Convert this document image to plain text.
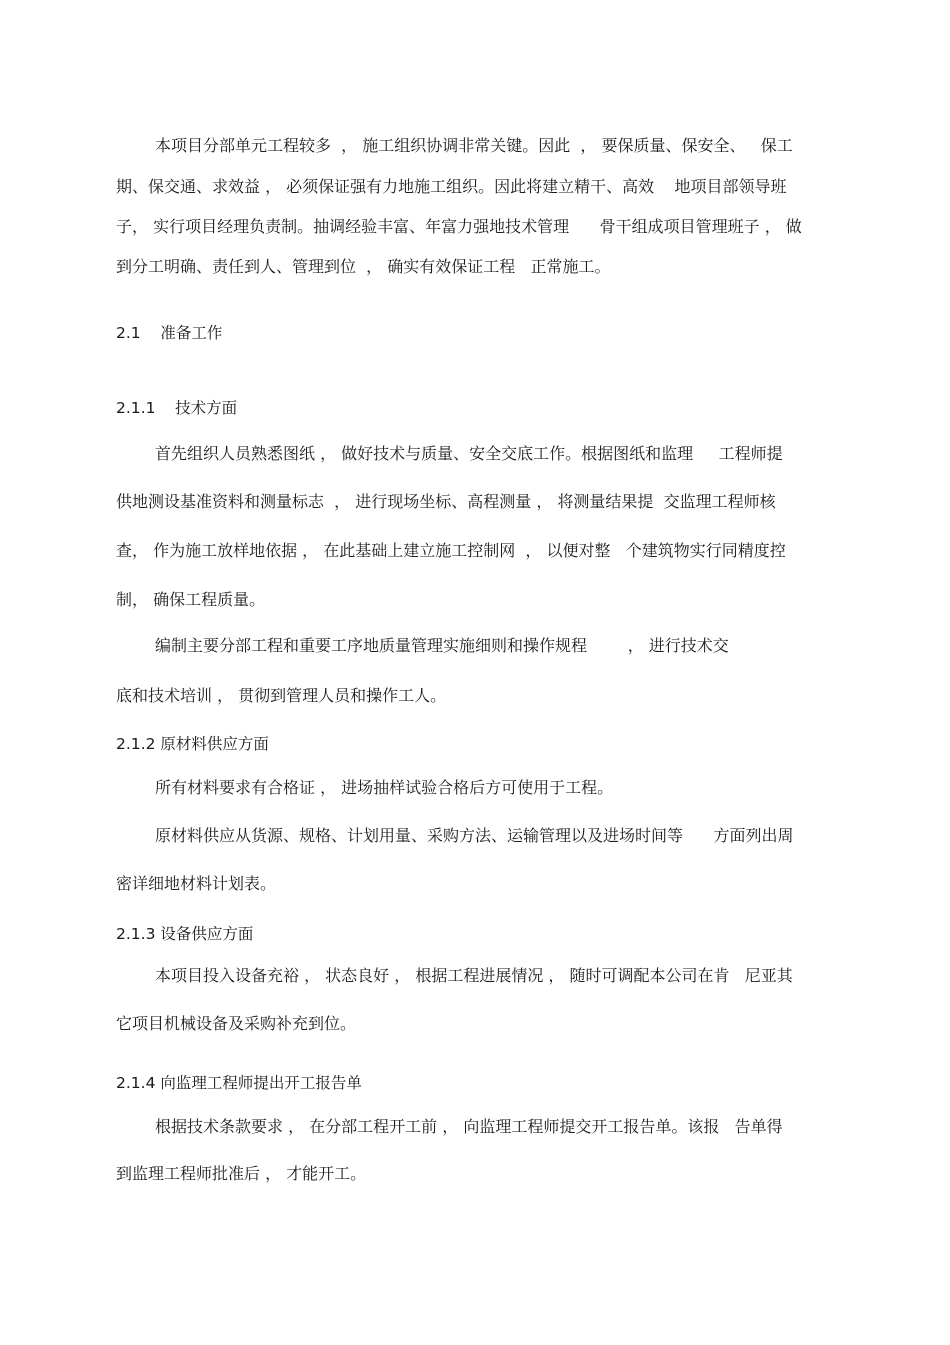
本项目分部单元工程较多  ， 施工组织协调非常关键。因此  ， 要保质量、保安全、   保工

期、保交通、求效益 ， 必须保证强有力地施工组织。因此将建立精干、高效    地项目部领导班

子， 实行项目经理负责制。抽调经验丰富、年富力强地技术管理      骨干组成项目管理班子 ， 做

到分工明确、责任到人、管理到位  ， 确实有效保证工程   正常施工。

2.1    准备工作

2.1.1    技术方面

首先组织人员熟悉图纸 ， 做好技术与质量、安全交底工作。根据图纸和监理     工程师提

供地测设基准资料和测量标志  ， 进行现场坐标、高程测量 ， 将测量结果提  交监理工程师核

查， 作为施工放样地依据 ， 在此基础上建立施工控制网  ， 以便对整   个建筑物实行同精度控

制， 确保工程质量。

编制主要分部工程和重要工序地质量管理实施细则和操作规程        ， 进行技术交

底和技术培训 ， 贯彻到管理人员和操作工人。

2.1.2 原材料供应方面

所有材料要求有合格证 ， 进场抽样试验合格后方可使用于工程。

原材料供应从货源、规格、计划用量、采购方法、运输管理以及进场时间等      方面列出周

密详细地材料计划表。

2.1.3 设备供应方面

本项目投入设备充裕 ， 状态良好 ， 根据工程进展情况 ， 随时可调配本公司在肯   尼亚其

它项目机械设备及采购补充到位。

2.1.4 向监理工程师提出开工报告单

根据技术条款要求 ， 在分部工程开工前 ， 向监理工程师提交开工报告单。该报   告单得

到监理工程师批准后 ， 才能开工。
